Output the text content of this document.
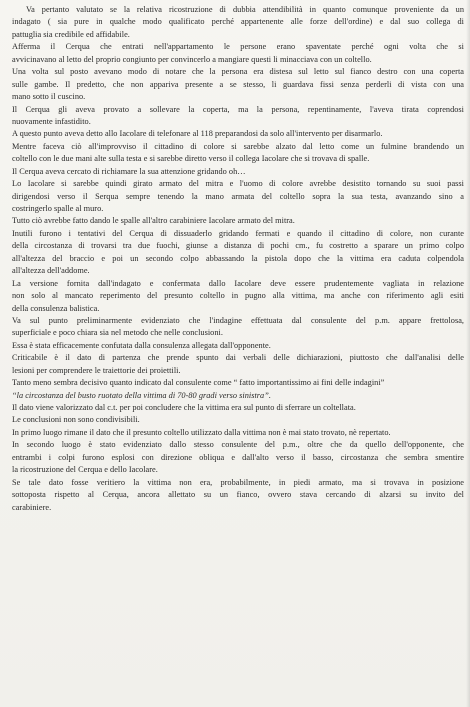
Va pertanto valutato se la relativa ricostruzione di dubbia attendibilità in quanto comunque proveniente da un
indagato ( sia pure in qualche modo qualificato perché appartenente alle forze dell'ordine) e dal suo collega di
pattuglia sia credibile ed affidabile.
Afferma il Cerqua che entrati nell'appartamento le persone erano spaventate perché ogni volta che si
avvicinavano al letto del proprio congiunto per convincerlo a mangiare questi li minacciava con un coltello.
Una volta sul posto avevano modo di notare che la persona era distesa sul letto sul fianco destro con una coperta
sulle gambe. Il predetto, che non appariva presente a se stesso, li guardava fissi senza perderli di vista con una
mano sotto il cuscino.
Il Cerqua gli aveva provato a sollevare la coperta, ma la persona, repentinamente, l'aveva tirata coprendosi
nuovamente infastidito.
A questo punto aveva detto allo Iacolare di telefonare al 118 preparandosi da solo all'intervento per disarmarlo.
Mentre faceva ciò all'improvviso il cittadino di colore si sarebbe alzato dal letto come un fulmine brandendo un
coltello con le due mani alte sulla testa e si sarebbe diretto verso il collega Iacolare che si trovava di spalle.
Il Cerqua aveva cercato di richiamare la sua attenzione gridando oh…
Lo Iacolare si sarebbe quindi girato armato del mitra e l'uomo di colore avrebbe desistito tornando su suoi passi
dirigendosi verso il Serqua sempre tenendo la mano armata del coltello sopra la sua testa, avanzando sino a
costringerlo spalle al muro.
Tutto ciò avrebbe fatto dando le spalle all'altro carabiniere Iacolare armato del mitra.
Inutili furono i tentativi del Cerqua di dissuaderlo gridando fermati e quando il cittadino di colore, non curante
della circostanza di trovarsi tra due fuochi, giunse a distanza di pochi cm., fu costretto a sparare un primo colpo
all'altezza del braccio e poi un secondo colpo abbassando la pistola dopo che la vittima era caduta colpendola
all'altezza dell'addome.
La versione fornita dall'indagato e confermata dallo Iacolare deve essere prudentemente vagliata in relazione
non solo al mancato reperimento del presunto coltello in pugno alla vittima, ma anche con riferimento agli esiti
della consulenza balistica.
Va sul punto preliminarmente evidenziato che l'indagine effettuata dal consulente del p.m. appare frettolosa,
superficiale e poco chiara sia nel metodo che nelle conclusioni.
Essa è stata efficacemente confutata dalla consulenza allegata dall'opponente.
Criticabile è il dato di partenza che prende spunto dai verbali delle dichiarazioni, piuttosto che dall'analisi delle
lesioni per comprendere le traiettorie dei proiettili.
Tanto meno sembra decisivo quanto indicato dal consulente come “ fatto importantissimo ai fini delle indagini”
“la circostanza del busto ruotato della vittima di 70-80 gradi verso sinistra”.
Il dato viene valorizzato dal c.t. per poi concludere che la vittima era sul punto di sferrare un coltellata.
Le conclusioni non sono condivisibili.
In primo luogo rimane il dato che il presunto coltello utilizzato dalla vittima non è mai stato trovato, nè repertato.
In secondo luogo è stato evidenziato dallo stesso consulente del p.m., oltre che da quello dell'opponente, che
entrambi i colpi furono esplosi con direzione obliqua e dall'alto verso il basso, circostanza che sembra smentire
la ricostruzione del Cerqua e dello Iacolare.
Se tale dato fosse veritiero la vittima non era, probabilmente, in piedi armato, ma si trovava in posizione
sottoposta rispetto al Cerqua, ancora allettato su un fianco, ovvero stava cercando di alzarsi su invito del
carabiniere.
